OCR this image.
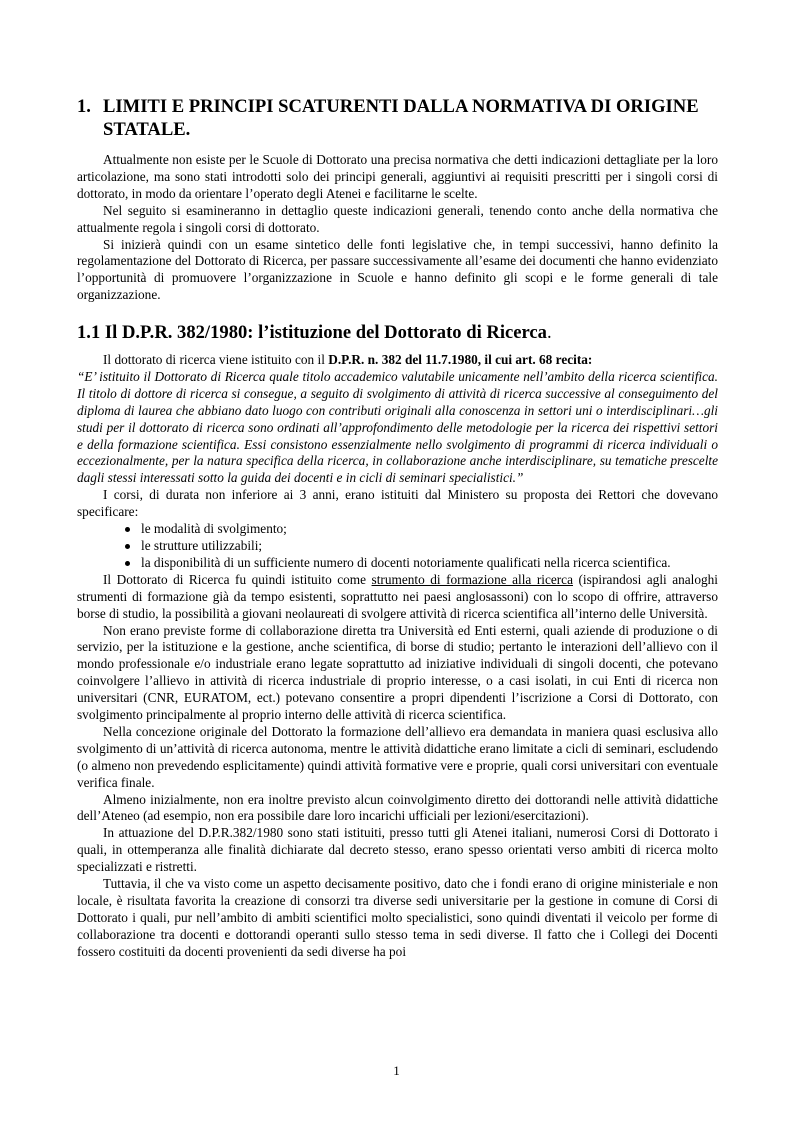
1. LIMITI E PRINCIPI SCATURENTI DALLA NORMATIVA DI ORIGINE STATALE.

Attualmente non esiste per le Scuole di Dottorato una precisa normativa che detti indicazioni dettagliate per la loro articolazione, ma sono stati introdotti solo dei principi generali, aggiuntivi ai requisiti prescritti per i singoli corsi di dottorato, in modo da orientare l’operato degli Atenei e facilitarne le scelte.

Nel seguito si esamineranno in dettaglio queste indicazioni generali, tenendo conto anche della normativa che attualmente regola i singoli corsi di dottorato.

Si inizierà quindi con un esame sintetico delle fonti legislative che, in tempi successivi, hanno definito la regolamentazione del Dottorato di Ricerca, per passare successivamente all’esame dei documenti che hanno evidenziato l’opportunità di promuovere l’organizzazione in Scuole e hanno definito gli scopi e le forme generali di tale organizzazione.

1.1 Il D.P.R. 382/1980: l’istituzione del Dottorato di Ricerca.

Il dottorato di ricerca viene istituito con il D.P.R. n. 382 del 11.7.1980, il cui art. 68 recita:

“E’ istituito il Dottorato di Ricerca quale titolo accademico valutabile unicamente nell’ambito della ricerca scientifica. Il titolo di dottore di ricerca si consegue, a seguito di svolgimento di attività di ricerca successive al conseguimento del diploma di laurea che abbiano dato luogo con contributi originali alla conoscenza in settori uni o interdisciplinari…gli studi per il dottorato di ricerca sono ordinati all’approfondimento delle metodologie per la ricerca dei rispettivi settori e della formazione scientifica. Essi consistono essenzialmente nello svolgimento di programmi di ricerca individuali o eccezionalmente, per la natura specifica della ricerca, in collaborazione anche interdisciplinare, su tematiche prescelte dagli stessi interessati sotto la guida dei docenti e in cicli di seminari specialistici.”

I corsi, di durata non inferiore ai 3 anni, erano istituiti dal Ministero su proposta dei Rettori che dovevano specificare:

le modalità di svolgimento;
le strutture utilizzabili;
la disponibilità di un sufficiente numero di docenti notoriamente qualificati nella ricerca scientifica.

Il Dottorato di Ricerca fu quindi istituito come strumento di formazione alla ricerca (ispirandosi agli analoghi strumenti di formazione già da tempo esistenti, soprattutto nei paesi anglosassoni) con lo scopo di offrire, attraverso borse di studio, la possibilità a giovani neolaureati di svolgere attività di ricerca scientifica all’interno delle Università.

Non erano previste forme di collaborazione diretta tra Università ed Enti esterni, quali aziende di produzione o di servizio, per la istituzione e la gestione, anche scientifica, di borse di studio; pertanto le interazioni dell’allievo con il mondo professionale e/o industriale erano legate soprattutto ad iniziative individuali di singoli docenti, che potevano coinvolgere l’allievo in attività di ricerca industriale di proprio interesse, o a casi isolati, in cui Enti di ricerca non universitari (CNR, EURATOM, ect.) potevano consentire a propri dipendenti l’iscrizione a Corsi di Dottorato, con svolgimento principalmente al proprio interno delle attività di ricerca scientifica.

Nella concezione originale del Dottorato la formazione dell’allievo era demandata in maniera quasi esclusiva allo svolgimento di un’attività di ricerca autonoma, mentre le attività didattiche erano limitate a cicli di seminari, escludendo (o almeno non prevedendo esplicitamente) quindi attività formative vere e proprie, quali corsi universitari con eventuale verifica finale.

Almeno inizialmente, non era inoltre previsto alcun coinvolgimento diretto dei dottorandi nelle attività didattiche dell’Ateneo (ad esempio, non era possibile dare loro incarichi ufficiali per lezioni/esercitazioni).

In attuazione del D.P.R.382/1980 sono stati istituiti, presso tutti gli Atenei italiani, numerosi Corsi di Dottorato i quali, in ottemperanza alle finalità dichiarate dal decreto stesso, erano spesso orientati verso ambiti di ricerca molto specializzati e ristretti.

Tuttavia, il che va visto come un aspetto decisamente positivo, dato che i fondi erano di origine ministeriale e non locale, è risultata favorita la creazione di consorzi tra diverse sedi universitarie per la gestione in comune di Corsi di Dottorato i quali, pur nell’ambito di ambiti scientifici molto specialistici, sono quindi diventati il veicolo per forme di collaborazione tra docenti e dottorandi operanti sullo stesso tema in sedi diverse. Il fatto che i Collegi dei Docenti fossero costituiti da docenti provenienti da sedi diverse ha poi

1
